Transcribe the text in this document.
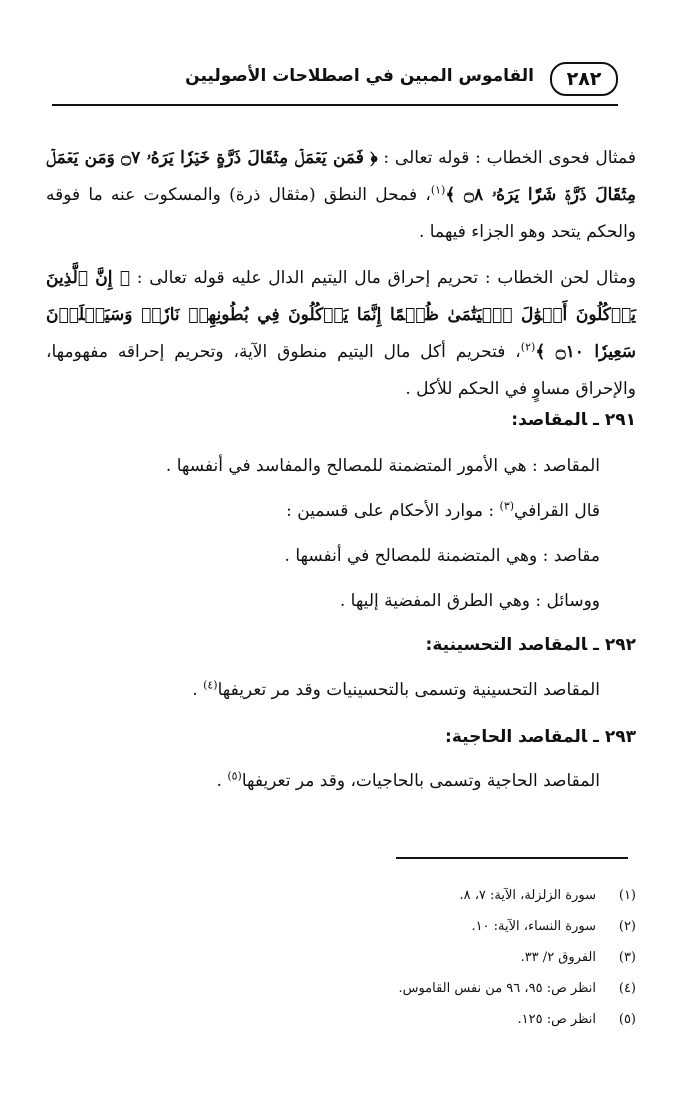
٢٨٢
القاموس المبين في اصطلاحات الأصوليين

فمثال فحوى الخطاب : قوله تعالى : ﴿ فَمَن يَعۡمَلۡ مِثۡقَالَ ذَرَّةٍ خَيۡرٗا يَرَهُۥ ۝٧ وَمَن يَعۡمَلۡ مِثۡقَالَ ذَرَّةٖ شَرّٗا يَرَهُۥ ۝٨ ﴾$^{(١)}$، فمحل النطق (مثقال ذرة) والمسكوت عنه ما فوقه والحكم يتحد وهو الجزاء فيهما .

ومثال لحن الخطاب : تحريم إحراق مال اليتيم الدال عليه قوله تعالى : ﴿ إِنَّ ٱلَّذِينَ يَأۡكُلُونَ أَمۡوَٰلَ ٱلۡيَتَٰمَىٰ ظُلۡمًا إِنَّمَا يَأۡكُلُونَ فِي بُطُونِهِمۡ نَارٗاۖ وَسَيَصۡلَوۡنَ سَعِيرٗا ۝١٠ ﴾$^{(٢)}$، فتحريم أكل مال اليتيم منطوق الآية، وتحريم إحراقه مفهومها، والإحراق مساوٍ في الحكم للأكل .

٢٩١ ـالمقاصد:

المقاصد : هي الأمور المتضمنة للمصالح والمفاسد في أنفسها .

قال القرافي$^{(٣)}$ : موارد الأحكام على قسمين :

مقاصد : وهي المتضمنة للمصالح في أنفسها .

ووسائل : وهي الطرق المفضية إليها .

٢٩٢ ـالمقاصد التحسينية:

المقاصد التحسينية وتسمى بالتحسينيات وقد مر تعريفها$^{(٤)}$ .

٢٩٣ ـالمقاصد الحاجية:

المقاصد الحاجية وتسمى بالحاجيات، وقد مر تعريفها$^{(٥)}$ .

(١)سورة الزلزلة، الآية: ٧، ٨.
(٢)سورة النساء، الآية: ١٠.
(٣)الفروق ٢/ ٣٣.
(٤)انظر ص: ٩٥، ٩٦ من نفس القاموس.
(٥)انظر ص: ١٢٥.
